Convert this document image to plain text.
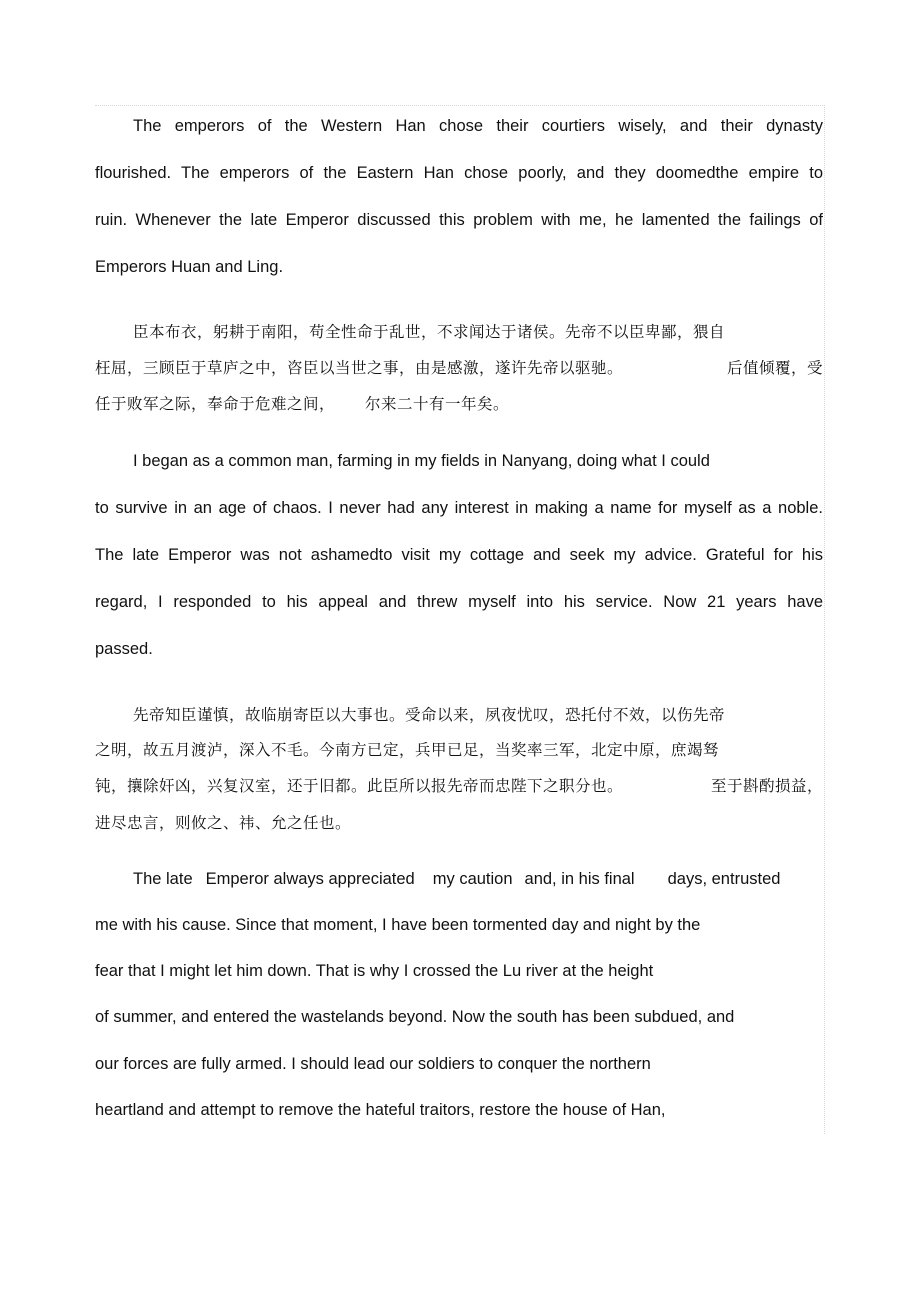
The emperors of the Western Han chose their courtiers wisely, and their dynasty

flourished. The emperors of the Eastern Han chose poorly, and they doomedthe empire to

ruin. Whenever the late Emperor discussed this problem with me, he lamented the failings of

Emperors Huan and Ling.

臣本布衣，躬耕于南阳，苟全性命于乱世，不求闻达于诸侯。先帝不以臣卑鄙，猥自

枉屈，三顾臣于草庐之中，咨臣以当世之事，由是感激，遂许先帝以驱驰。	后值倾覆，受

任于败军之际，奉命于危难之间， 尔来二十有一年矣。

I began as a common man, farming in my fields in Nanyang, doing what I could

to survive in an age of chaos. I never had any interest in making a name for myself as a noble.

The late Emperor was not ashamedto visit my cottage and seek my advice. Grateful for his

regard, I responded to his appeal and threw myself into his service. Now 21 years have

passed.

先帝知臣谨慎，故临崩寄臣以大事也。受命以来，夙夜忧叹，恐托付不效，以伤先帝

之明，故五月渡泸，深入不毛。今南方已定，兵甲已足，当奖率三军，北定中原，庶竭驽

钝，攘除奸凶，兴复汉室，还于旧都。此臣所以报先帝而忠陛下之职分也。	至于斟酌损益，

进尽忠言，则攸之、祎、允之任也。

The late Emperor always appreciated my caution and, in his final days, entrusted

me with his cause. Since that moment, I have been tormented day and night by the

fear that I might let him down. That is why I crossed the Lu river at the height

of summer, and entered the wastelands beyond. Now the south has been subdued, and

our forces are fully armed. I should lead our soldiers to conquer the northern

heartland and attempt to remove the hateful traitors, restore the house of Han,
